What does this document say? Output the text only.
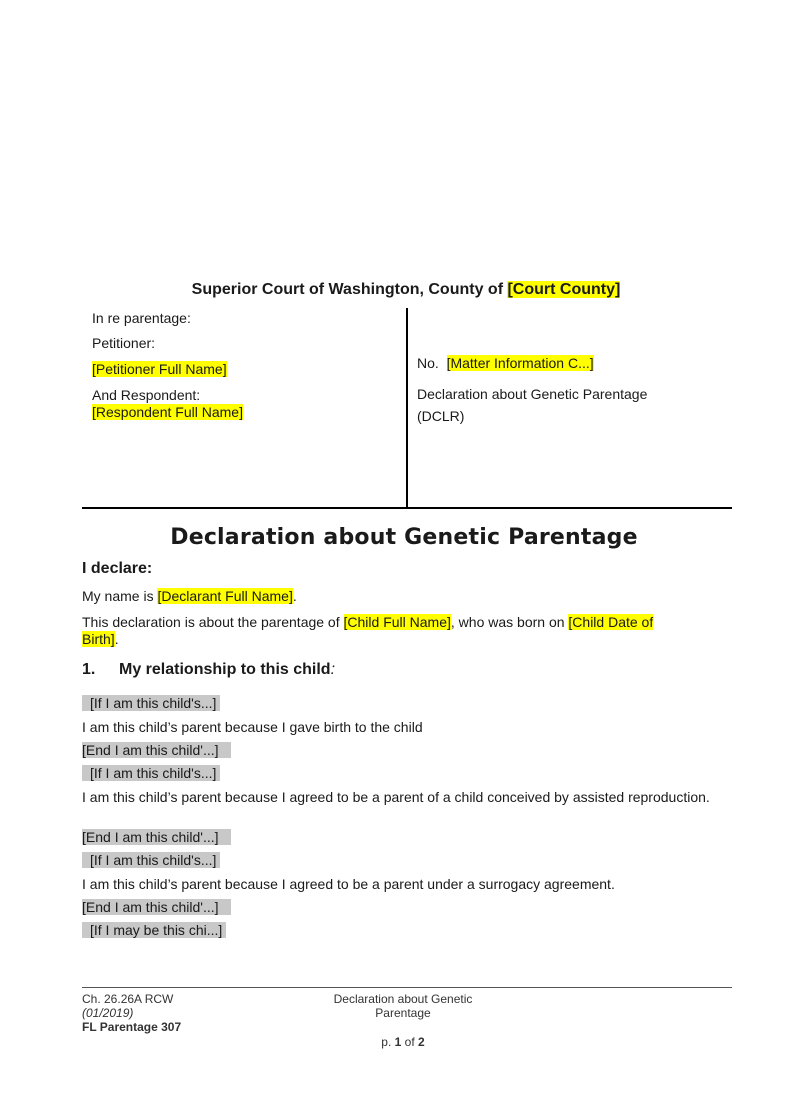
Superior Court of Washington, County of [Court County]
In re parentage:
Petitioner:
[Petitioner Full Name]
And Respondent:
[Respondent Full Name]
No. [Matter Information C...]
Declaration about Genetic Parentage
(DCLR)
Declaration about Genetic Parentage
I declare:
My name is [Declarant Full Name].
This declaration is about the parentage of [Child Full Name], who was born on [Child Date of
Birth].
1. My relationship to this child:
[If I am this child's...]
I am this child’s parent because I gave birth to the child
[End I am this child'...]
[If I am this child's...]
I am this child’s parent because I agreed to be a parent of a child conceived by assisted reproduction.
[End I am this child'...]
[If I am this child's...]
I am this child’s parent because I agreed to be a parent under a surrogacy agreement.
[End I am this child'...]
[If I may be this chi...]
Ch. 26.26A RCW
(01/2019)
FL Parentage 307
Declaration about Genetic
Parentage
p. 1 of 2
